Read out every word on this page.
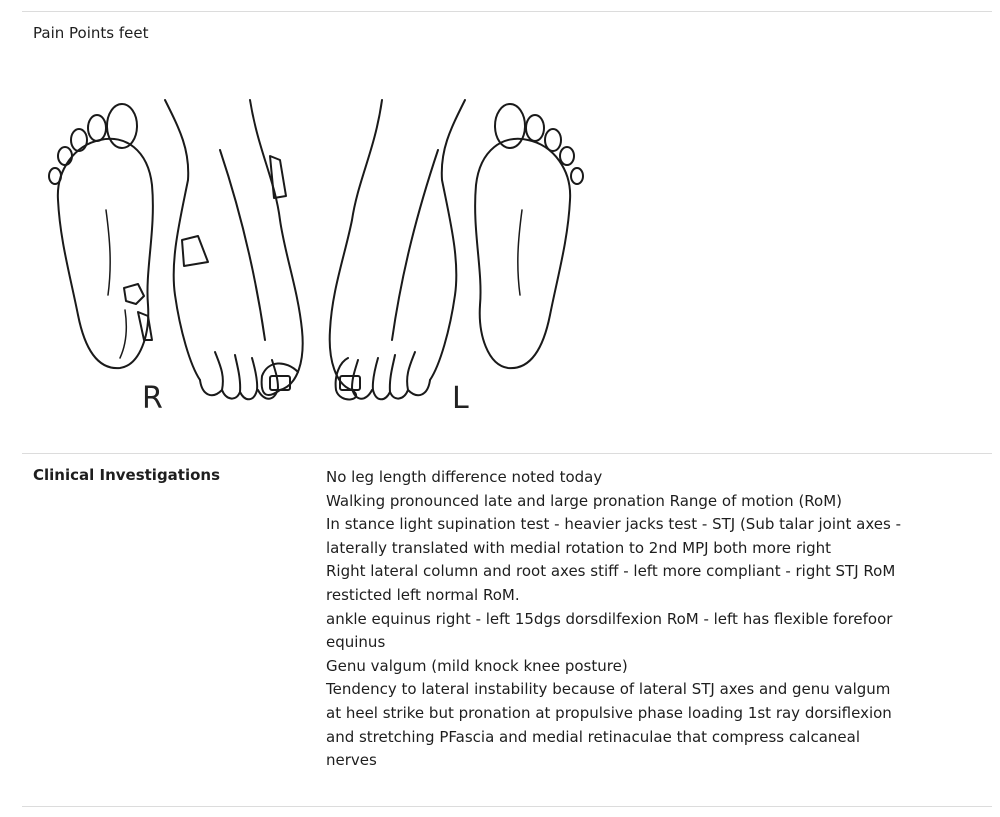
Pain Points feet
R	L
Clinical Investigations	No leg length difference noted today
Walking pronounced late and large pronation Range of motion (RoM)
In stance light supination test - heavier jacks test - STJ (Sub talar joint axes -
laterally translated with medial rotation to 2nd MPJ both more right
Right lateral column and root axes stiff - left more compliant - right STJ RoM
resticted left normal RoM.
ankle equinus right - left 15dgs dorsdilfexion RoM - left has flexible forefoor
equinus
Genu valgum (mild knock knee posture)
Tendency to lateral instability because of lateral STJ axes and genu valgum
at heel strike but pronation at propulsive phase loading 1st ray dorsiflexion
and stretching PFascia and medial retinaculae that compress calcaneal
nerves
